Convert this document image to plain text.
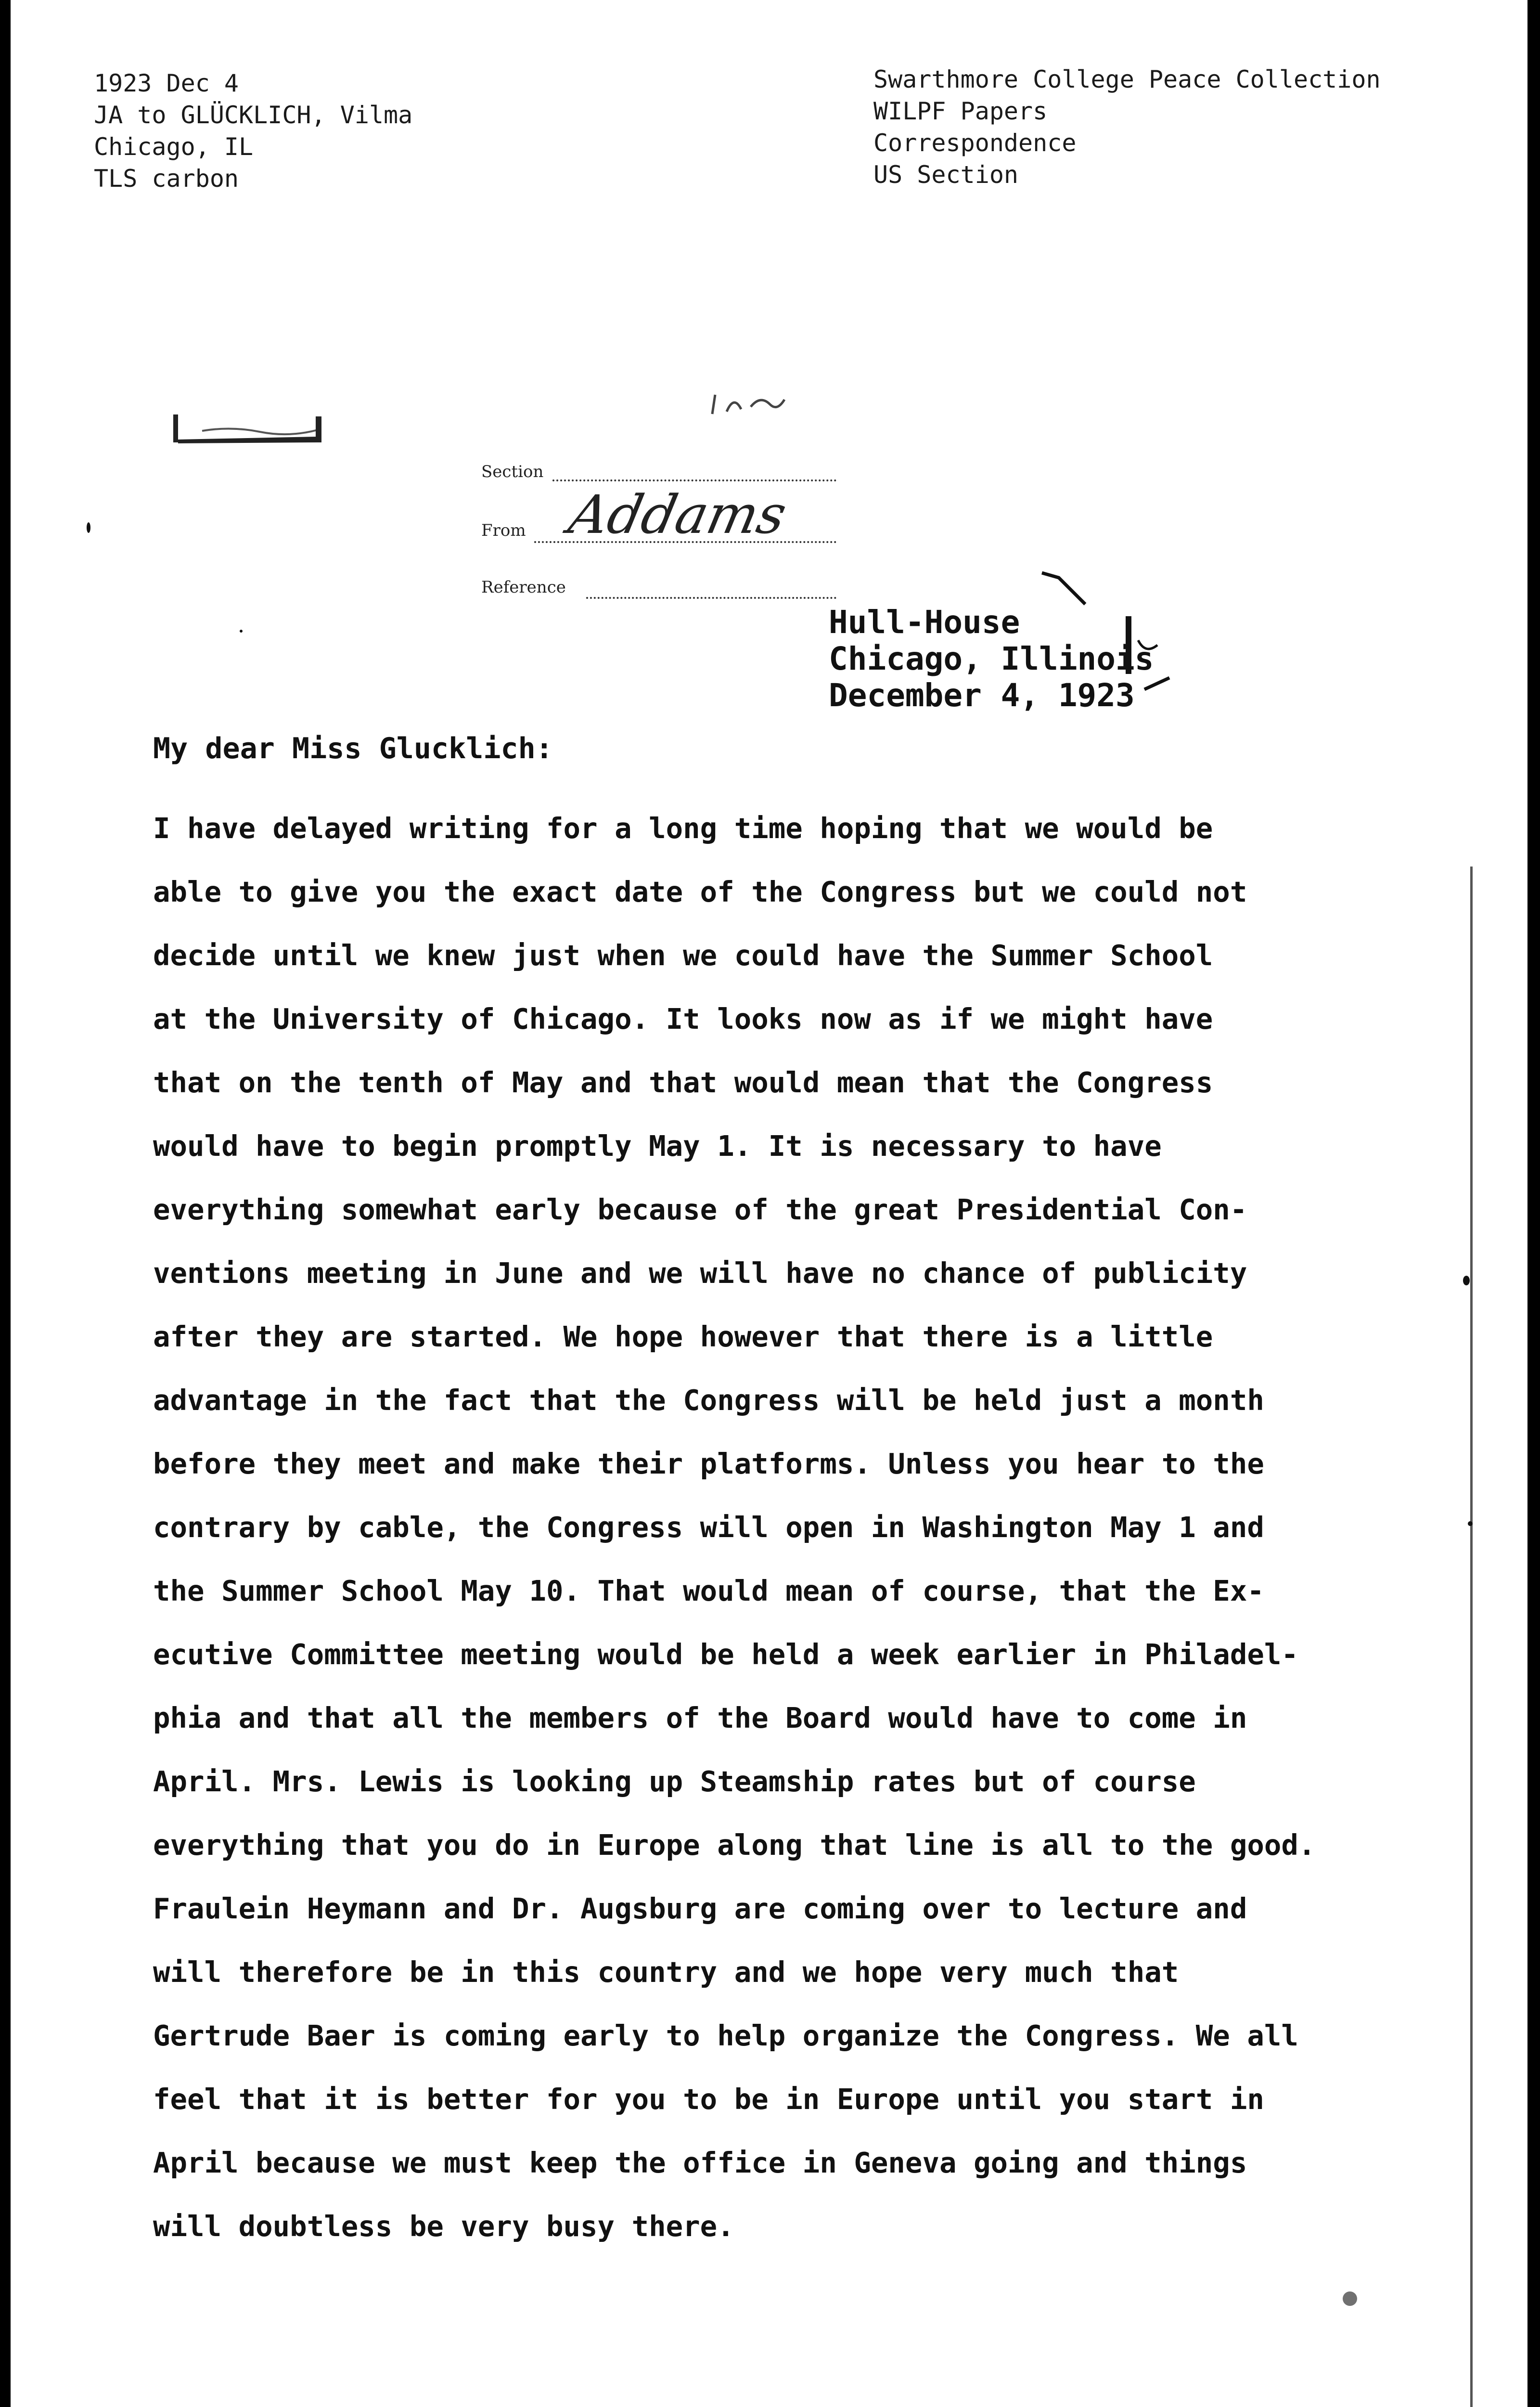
1923 Dec 4
JA to GLÜCKLICH, Vilma
Chicago, IL
TLS carbon
Swarthmore College Peace Collection
WILPF Papers
Correspondence
US Section
Section
From Addams
Reference
Hull-House
Chicago, Illinois
December 4, 1923
My dear Miss Glucklich:
I have delayed writing for a long time hoping that we would be
able to give you the exact date of the Congress but we could not
decide until we knew just when we could have the Summer School
at the University of Chicago. It looks now as if we might have
that on the tenth of May and that would mean that the Congress
would have to begin promptly May 1. It is necessary to have
everything somewhat early because of the great Presidential Con-
ventions meeting in June and we will have no chance of publicity
after they are started. We hope however that there is a little
advantage in the fact that the Congress will be held just a month
before they meet and make their platforms. Unless you hear to the
contrary by cable, the Congress will open in Washington May 1 and
the Summer School May 10. That would mean of course, that the Ex-
ecutive Committee meeting would be held a week earlier in Philadel-
phia and that all the members of the Board would have to come in
April. Mrs. Lewis is looking up Steamship rates but of course
everything that you do in Europe along that line is all to the good.
Fraulein Heymann and Dr. Augsburg are coming over to lecture and
will therefore be in this country and we hope very much that
Gertrude Baer is coming early to help organize the Congress. We all
feel that it is better for you to be in Europe until you start in
April because we must keep the office in Geneva going and things
will doubtless be very busy there.
